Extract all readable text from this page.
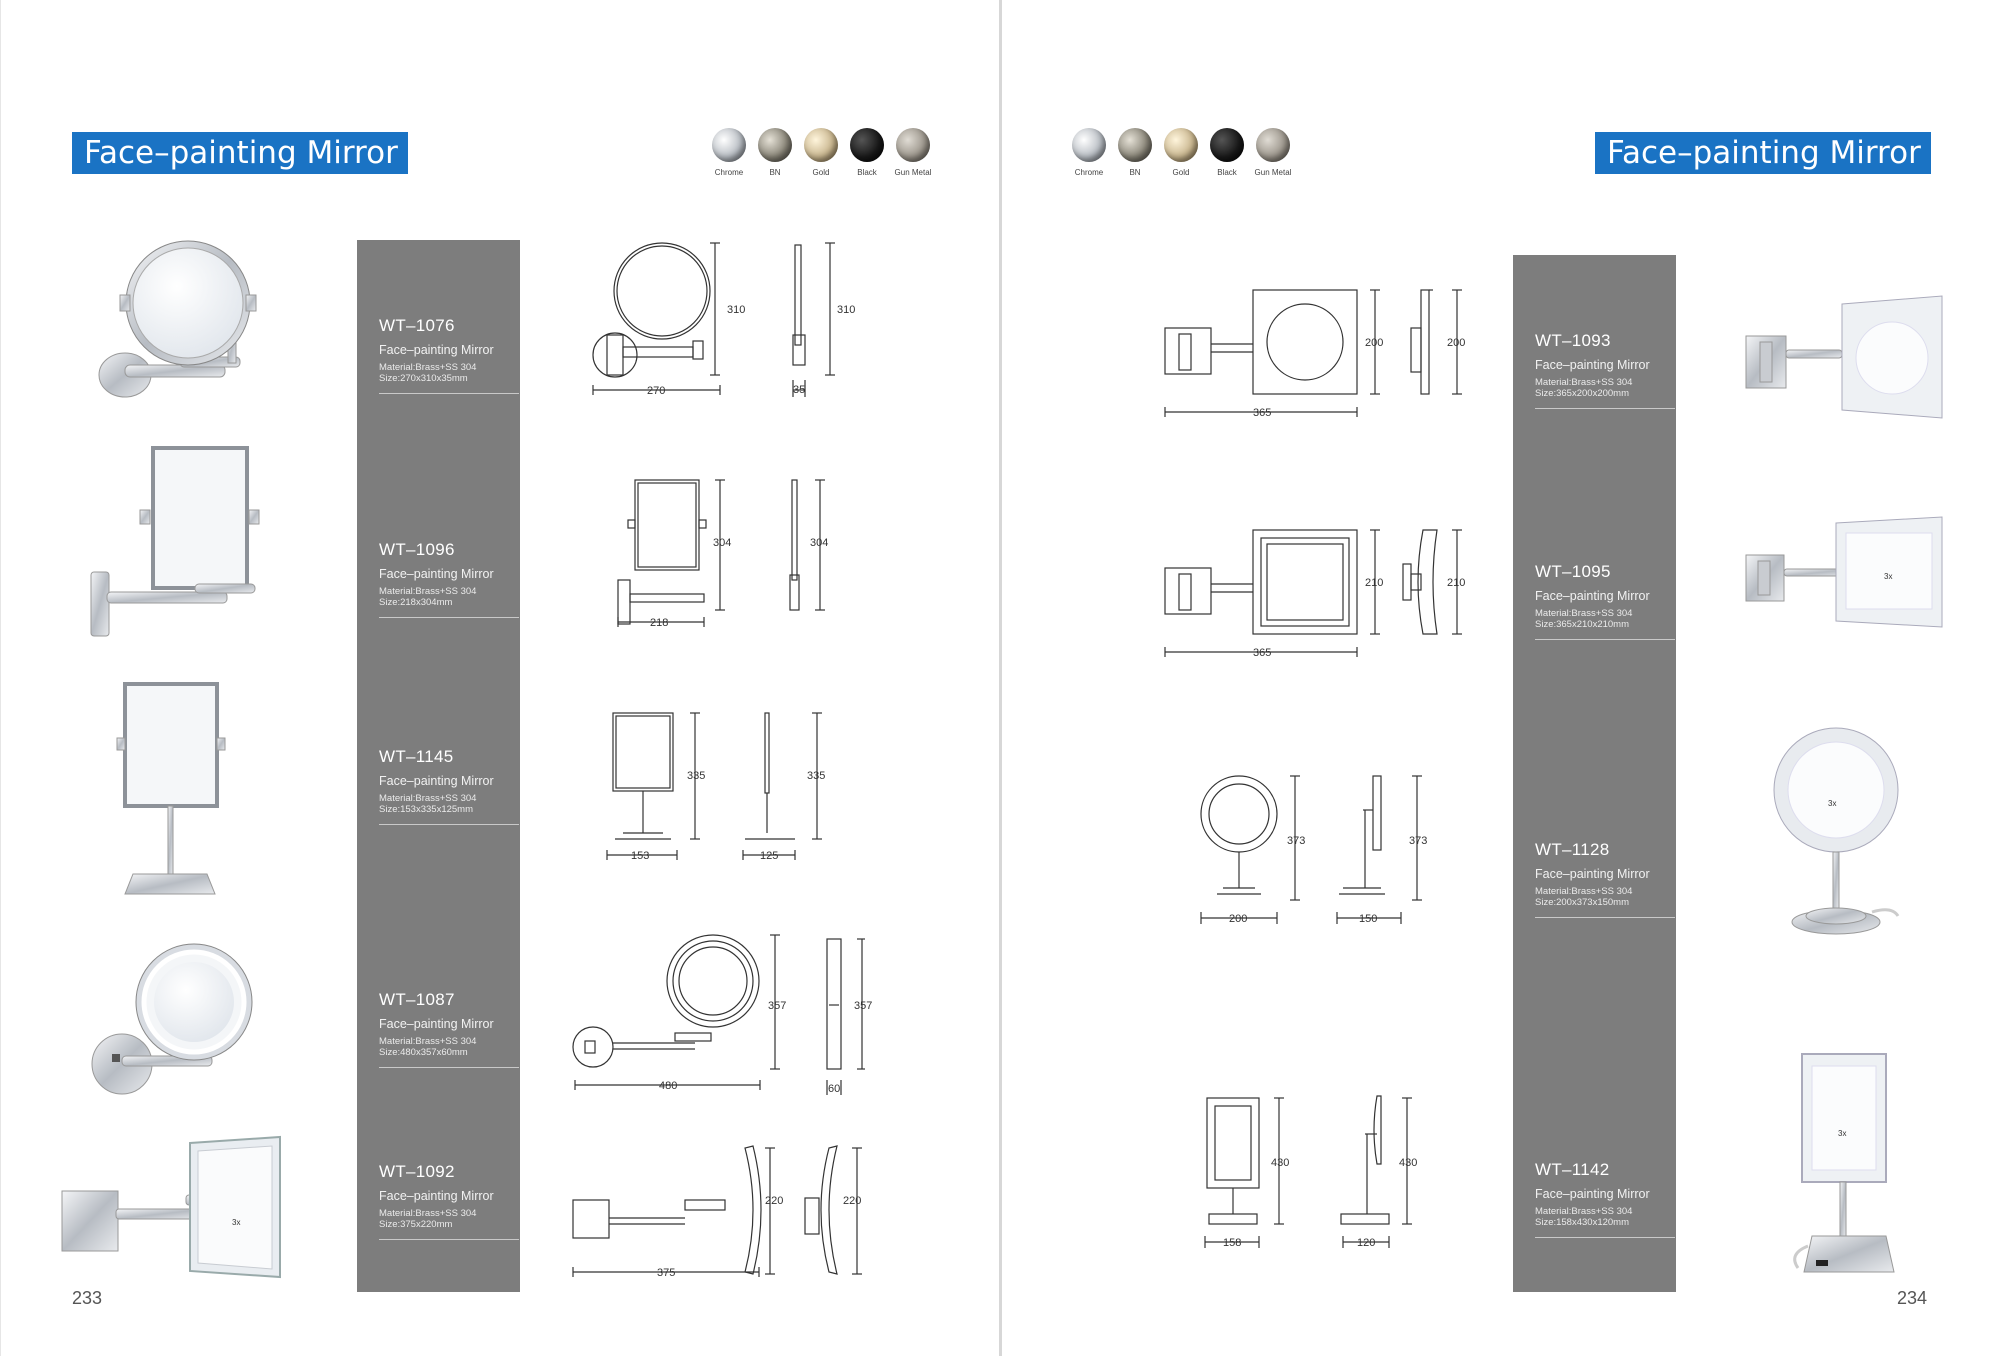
Face–painting Mirror
Chrome	BN	Gold	Black	Gun Metal
WT–1076
Face–painting Mirror
Material:Brass+SS 304
Size:270x310x35mm
WT–1096
Face–painting Mirror
Material:Brass+SS 304
Size:218x304mm
WT–1145
Face–painting Mirror
Material:Brass+SS 304
Size:153x335x125mm
WT–1087
Face–painting Mirror
Material:Brass+SS 304
Size:480x357x60mm
WT–1092
Face–painting Mirror
Material:Brass+SS 304
Size:375x220mm
3x
310
270
310
35
304
218
304
335
153
335
125
357
480
357
60
220
375
220
233
Face–painting Mirror
Chrome	BN	Gold	Black	Gun Metal
WT–1093
Face–painting Mirror
Material:Brass+SS 304
Size:365x200x200mm
WT–1095
Face–painting Mirror
Material:Brass+SS 304
Size:365x210x210mm
WT–1128
Face–painting Mirror
Material:Brass+SS 304
Size:200x373x150mm
WT–1142
Face–painting Mirror
Material:Brass+SS 304
Size:158x430x120mm
200
365
200
210
365
210
373
200
373
150
430
158
430
120
3x
3x
3x
234
